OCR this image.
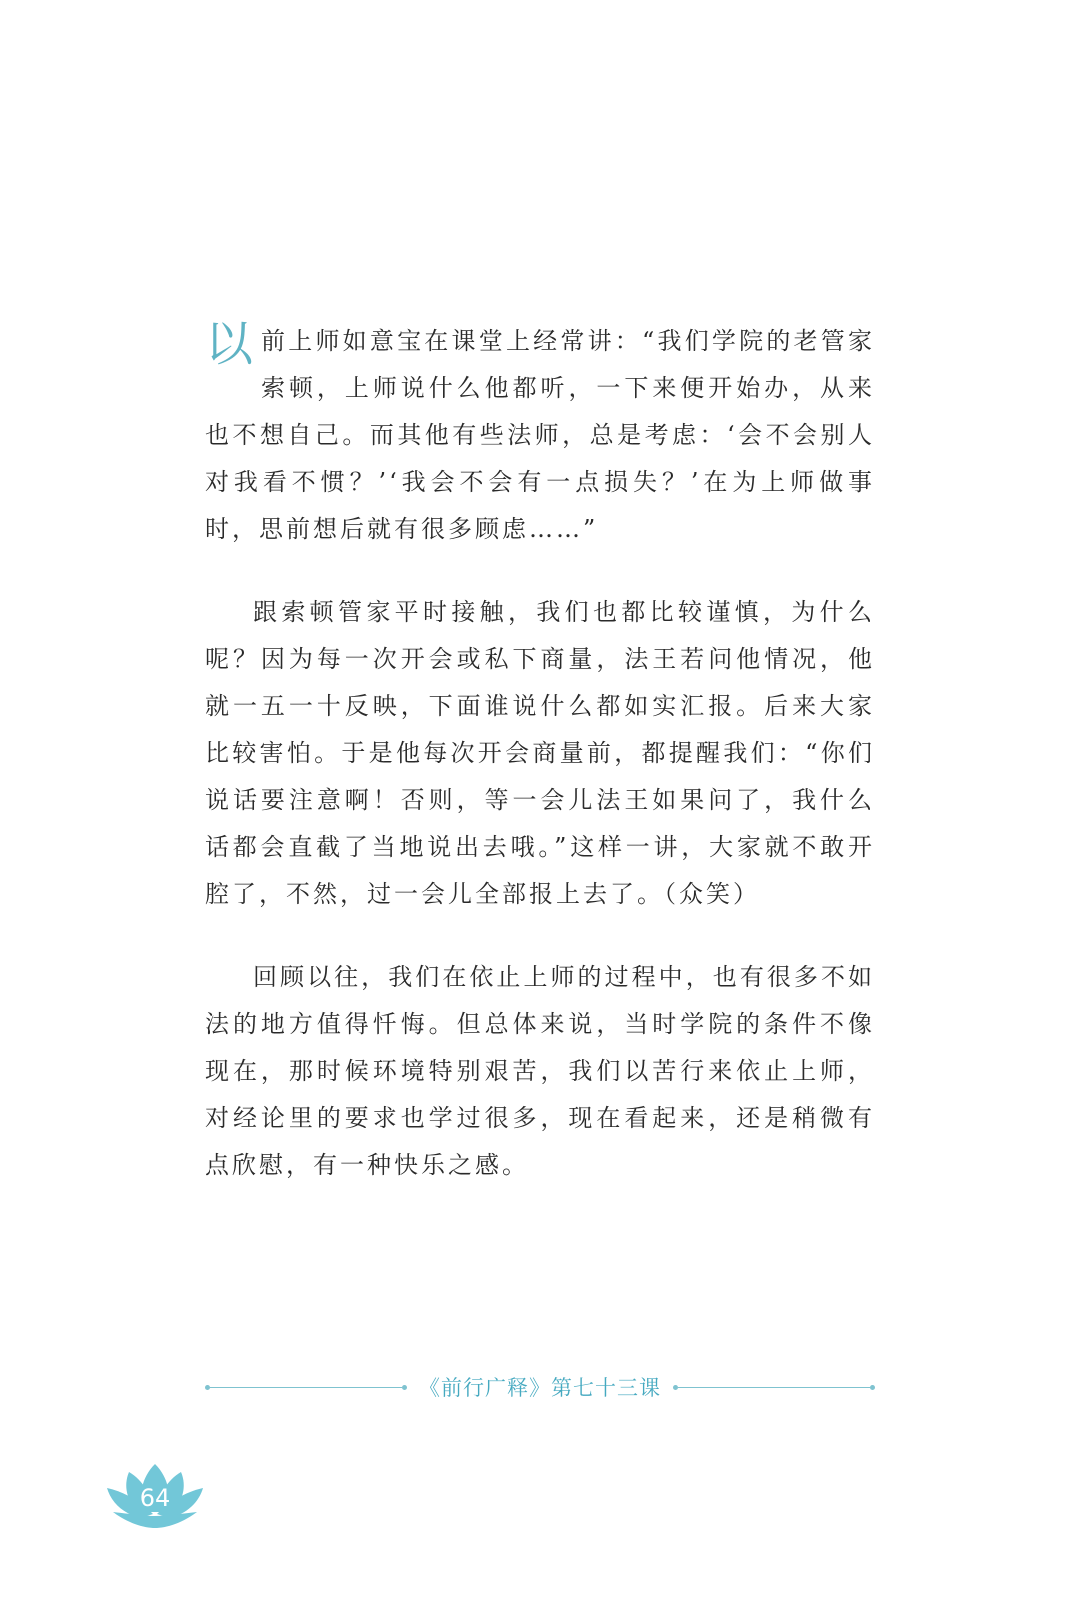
以 前上师如意宝在课堂上经常讲：“我们学院的老管家索顿，上师说什么他都听，一下来便开始办，从来也不想自己。而其他有些法师，总是考虑：‘会不会别人对我看不惯？’‘我会不会有一点损失？’在为上师做事时，思前想后就有很多顾虑……”

跟索顿管家平时接触，我们也都比较谨慎，为什么呢？因为每一次开会或私下商量，法王若问他情况，他就一五一十反映，下面谁说什么都如实汇报。后来大家比较害怕。于是他每次开会商量前，都提醒我们：“你们说话要注意啊！否则，等一会儿法王如果问了，我什么话都会直截了当地说出去哦。”这样一讲，大家就不敢开腔了，不然，过一会儿全部报上去了。（众笑）

回顾以往，我们在依止上师的过程中，也有很多不如法的地方值得忏悔。但总体来说，当时学院的条件不像现在，那时候环境特别艰苦，我们以苦行来依止上师，对经论里的要求也学过很多，现在看起来，还是稍微有点欣慰，有一种快乐之感。

《前行广释》第七十三课
64
